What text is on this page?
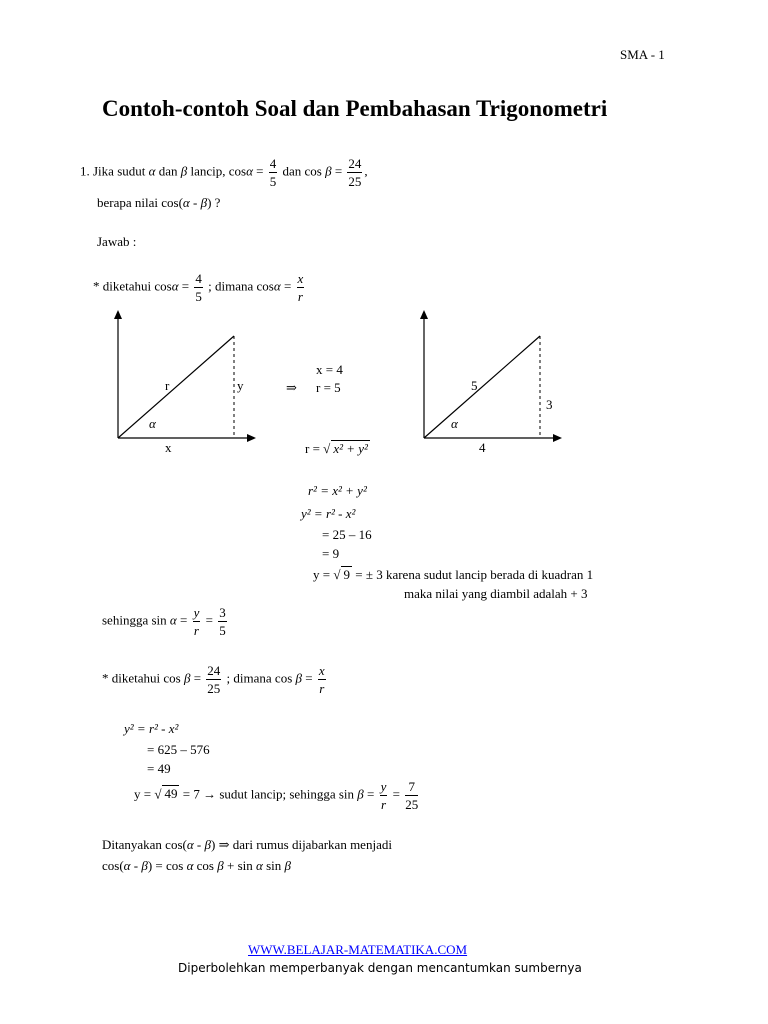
SMA - 1
Contoh-contoh Soal dan Pembahasan Trigonometri
1. Jika sudut α dan β lancip, $\cos\alpha = \frac{4}{5}$ dan $\cos \beta = \frac{24}{25}$ ,
berapa nilai cos(α - β) ?
Jawab :
* diketahui $\cos\alpha = \frac{4}{5}$ ; dimana $\cos\alpha = \frac{x}{r}$
r	y
α
x
x = 4
⇒ r = 5
r = √ x² + y²
5
3
α
4
r² = x² + y²
y² = r² - x²
= 25 – 16
= 9
y = √ 9 = ± 3 karena sudut lancip berada di kuadran 1
maka nilai yang diambil adalah + 3
sehingga $\sin \alpha = \frac{y}{r} = \frac{3}{5}$
* diketahui $\cos \beta = \frac{24}{25}$ ; dimana $\cos \beta = \frac{x}{r}$
y² = r² - x²
= 625 – 576
= 49
y = √ 49 = 7 → sudut lancip; sehingga $\sin \beta = \frac{y}{r} = \frac{7}{25}$
Ditanyakan cos(α - β) ⇒ dari rumus dijabarkan menjadi
cos(α - β) = cos α cos β + sin α sin β
WWW.BELAJAR-MATEMATIKA.COM
Diperbolehkan memperbanyak dengan mencantumkan sumbernya
